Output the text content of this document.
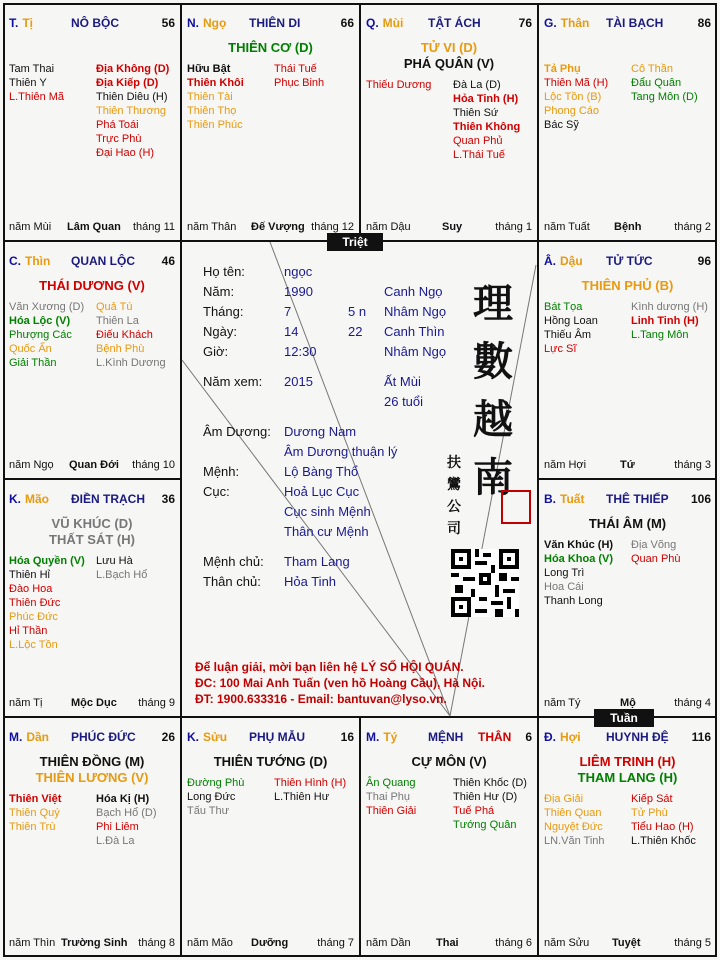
Triệt
Tuần
T. Tị	NÔ BỘC	56
Tam Thai
Thiên Y
L.Thiên Mã
Địa Không (D)
Địa Kiếp (D)
Thiên Diêu (H)
Thiên Thương
Phá Toái
Trực Phù
Đại Hao (H)
năm Mùi Lâm Quan tháng 11
N. Ngọ THIÊN DI	66
THIÊN CƠ (D)
Hữu Bật
Thiên Khôi
Thiên Tài
Thiên Thọ
Thiên Phúc
Thái Tuế
Phục Binh
năm Thân Đế Vượng tháng 12
Q. Mùi TẬT ÁCH	76
TỬ VI (D)
PHÁ QUÂN (V)
Thiếu Dương Đà La (D)
Hỏa Tinh (H)
Thiên Sứ
Thiên Không
Quan Phủ
L.Thái Tuế
năm Dậu	Suy	tháng 1
G. Thân TÀI BẠCH	86
Tả Phụ
Thiên Mã (H)
Lộc Tồn (B)
Phong Cáo
Bác Sỹ
Cô Thần
Đẩu Quân
Tang Môn (D)
năm Tuất Bệnh	tháng 2
C. Thìn QUAN LỘC 46
THÁI DƯƠNG (V)
Văn Xương (D)
Hóa Lộc (V)
Phượng Các
Quốc Ấn
Giải Thần
Quả Tú
Thiên La
Điếu Khách
Bệnh Phù
L.Kình Dương
năm Ngọ Quan Đới tháng 10
Â. Dậu TỬ TỨC	96
THIÊN PHỦ (B)
Bát Tọa
Hồng Loan
Thiếu Âm
Lực Sĩ
Kình dương (H)
Linh Tinh (H)
L.Tang Môn
năm Hợi	Tứ	tháng 3
K. Mão ĐIỀN TRẠCH 36
VŨ KHÚC (D)
THẤT SÁT (H)
Hóa Quyền (V)
Thiên Hỉ
Đào Hoa
Thiên Đức
Phúc Đức
Hỉ Thần
L.Lộc Tồn
Lưu Hà
L.Bạch Hổ
năm Tị	Mộc Dục tháng 9
B. Tuất THÊ THIẾP 106
THÁI ÂM (M)
Văn Khúc (H)
Hóa Khoa (V)
Long Trì
Hoa Cái
Thanh Long
Địa Võng
Quan Phù
năm Tý	Mộ	tháng 4
M. Dần PHÚC ĐỨC 26
THIÊN ĐỒNG (M)
THIÊN LƯƠNG (V)
Thiên Việt
Thiên Quý
Thiên Trù
Hóa Kị (H)
Bạch Hổ (D)
Phi Liêm
L.Đà La
năm Thìn Trường Sinh tháng 8
K. Sửu PHỤ MẪU	16
THIÊN TƯỚNG (D)
Đường Phù
Long Đức
Tấu Thư
Thiên Hình (H)
L.Thiên Hư
năm Mão Dưỡng	tháng 7
M. Tý	MỆNH THÂN 6
CỰ MÔN (V)
Ân Quang
Thai Phụ
Thiên Giải
Thiên Khốc (D)
Thiên Hư (D)
Tuế Phá
Tướng Quân
năm Dần Thai	tháng 6
Đ. Hợi HUYNH ĐỆ 116
LIÊM TRINH (H)
THAM LANG (H)
Địa Giải
Thiên Quan
Nguyệt Đức
LN.Văn Tinh
Kiếp Sát
Tử Phù
Tiểu Hao (H)
L.Thiên Khốc
năm Sửu Tuyệt	tháng 5
Họ tên:	ngọc
Năm:	1990	Canh Ngọ
Tháng:	7	5 n Nhâm Ngọ
Ngày:	14	22 Canh Thìn
Giờ:	12:30	Nhâm Ngọ
Năm xem: 2015	Ất Mùi
26 tuổi
Âm Dương: Dương Nam
Âm Dương thuận lý
Mệnh:	Lộ Bàng Thổ
Cục:	Hoả Lục Cục
Cục sinh Mệnh
Thân cư Mệnh
Mệnh chủ: Tham Lang
Thân chủ: Hỏa Tinh
理
數
越
南
扶
鸞
公
司
Để luận giải, mời bạn liên hệ LÝ SỐ HỘI QUÁN.
ĐC: 100 Mai Anh Tuấn (ven hồ Hoàng Cầu), Hà Nội.
ĐT: 1900.633316 - Email: bantuvan@lyso.vn.
